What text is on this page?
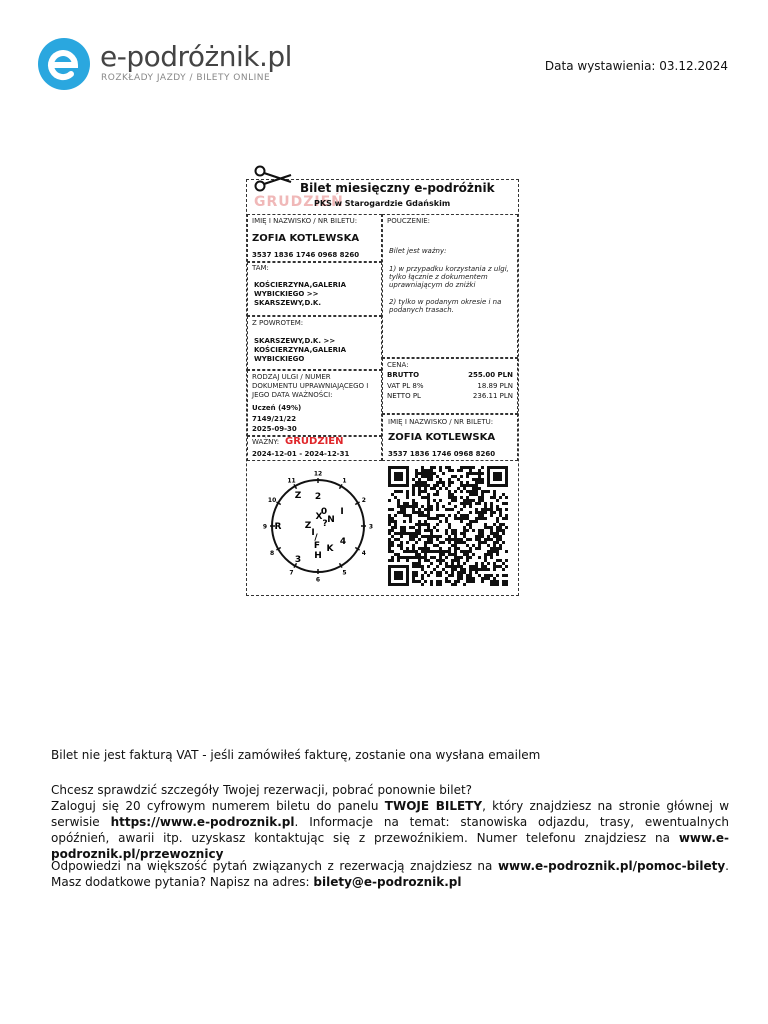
e-podróżnik.pl
ROZKŁADY JAZDY / BILETY ONLINE
Data wystawienia: 03.12.2024
GRUDZIEŃ
Bilet miesięczny e-podróżnik
PKS w Starogardzie Gdańskim
IMIĘ I NAZWISKO / NR BILETU:
ZOFIA KOTLEWSKA
3537 1836 1746 0968 8260
TAM:
KOŚCIERZYNA,GALERIA
WYBICKIEGO >>
SKARSZEWY,D.K.
Z POWROTEM:
SKARSZEWY,D.K. >>
KOŚCIERZYNA,GALERIA
WYBICKIEGO
RODZAJ ULGI / NUMER
DOKUMENTU UPRAWNIAJĄCEGO I
JEGO DATA WAŻNOŚCI:
Uczeń (49%)
7149/21/22
2025-09-30
WAŻNY: GRUDZIEŃ
2024-12-01 - 2024-12-31
POUCZENIE:
Bilet jest ważny:
1) w przypadku korzystania z ulgi,
tylko łącznie z dokumentem
uprawniającym do zniżki
2) tylko w podanym okresie i na
podanych trasach.
CENA:
BRUTTO	255.00 PLN
VAT PL 8%	18.89 PLN
NETTO PL	236.11 PLN
IMIĘ I NAZWISKO / NR BILETU:
ZOFIA KOTLEWSKA
3537 1836 1746 0968 8260
12
1
2
3
4
5
6
7
8
9
10
11
Z 2
0
X N
I
?
R	Z
I /
F 4
K
H
3
Bilet nie jest fakturą VAT - jeśli zamówiłeś fakturę, zostanie ona wysłana emailem
Chcesz sprawdzić szczegóły Twojej rezerwacji, pobrać ponownie bilet?
Zaloguj się 20 cyfrowym numerem biletu do panelu TWOJE BILETY, który znajdziesz na stronie głównej w serwisie https://www.e-podroznik.pl. Informacje na temat: stanowiska odjazdu, trasy, ewentualnych opóźnień, awarii itp. uzyskasz kontaktując się z przewoźnikiem. Numer telefonu znajdziesz na www.e-podroznik.pl/przewoznicy
Odpowiedzi na większość pytań związanych z rezerwacją znajdziesz na www.e-podroznik.pl/pomoc-bilety. Masz dodatkowe pytania? Napisz na adres: bilety@e-podroznik.pl
